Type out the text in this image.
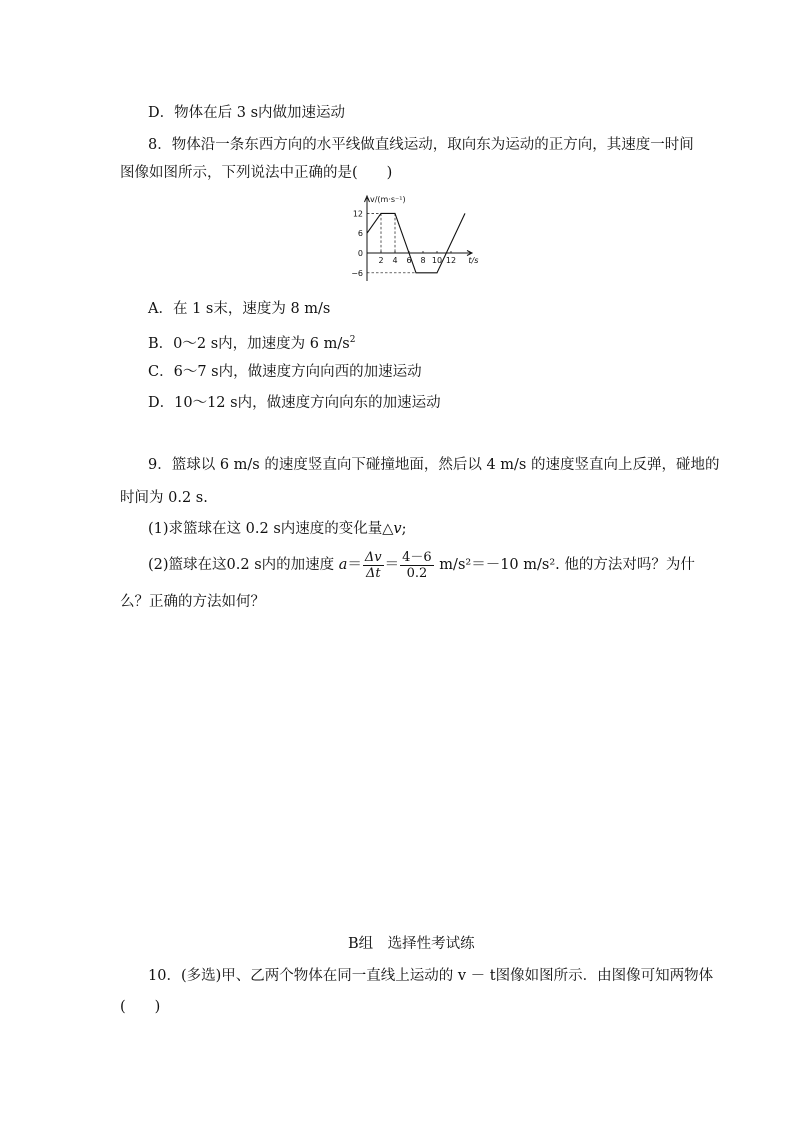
D．物体在后 3 s内做加速运动
8．物体沿一条东西方向的水平线做直线运动，取向东为运动的正方向，其速度一时间
图像如图所示，下列说法中正确的是(　　)
v/(m·s⁻¹)
t/s
12
6
0
−6
2 4 6 8 10 12
A．在 1 s末，速度为 8 m/s
B．0～2 s内，加速度为 6 $m/s^2$
C．6～7 s内，做速度方向向西的加速运动
D．10～12 s内，做速度方向向东的加速运动
9．篮球以 6 m/s 的速度竖直向下碰撞地面，然后以 4 m/s 的速度竖直向上反弹，碰地的
时间为 0.2 s.
(1)求篮球在这 0.2 s内速度的变化量△v;
(2)篮球在这0.2 s内的加速度 $a= \frac{\Delta v}{\Delta t} = \frac{4-6}{0.2} m/s^2=-10$ m/s². 他的方法对吗？为什
么？正确的方法如何？
B组　选择性考试练
10．(多选)甲、乙两个物体在同一直线上运动的 v － t图像如图所示．由图像可知两物体
(　　)
